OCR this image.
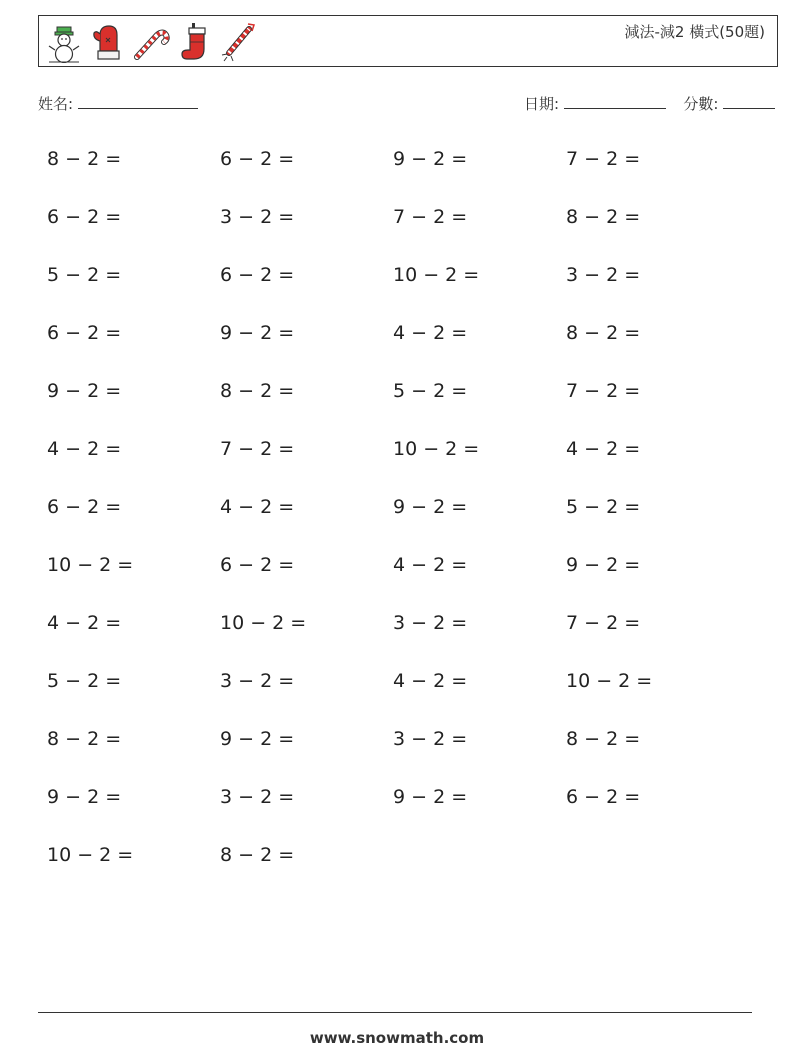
減法-減2 橫式(50題)
姓名:	日期:	分數:
8 − 2 =	6 − 2 =	9 − 2 =	7 − 2 =
6 − 2 =	3 − 2 =	7 − 2 =	8 − 2 =
5 − 2 =	6 − 2 =	10 − 2 =	3 − 2 =
6 − 2 =	9 − 2 =	4 − 2 =	8 − 2 =
9 − 2 =	8 − 2 =	5 − 2 =	7 − 2 =
4 − 2 =	7 − 2 =	10 − 2 =	4 − 2 =
6 − 2 =	4 − 2 =	9 − 2 =	5 − 2 =
10 − 2 =	6 − 2 =	4 − 2 =	9 − 2 =
4 − 2 =	10 − 2 =	3 − 2 =	7 − 2 =
5 − 2 =	3 − 2 =	4 − 2 =	10 − 2 =
8 − 2 =	9 − 2 =	3 − 2 =	8 − 2 =
9 − 2 =	3 − 2 =	9 − 2 =	6 − 2 =
10 − 2 =	8 − 2 =
www.snowmath.com
